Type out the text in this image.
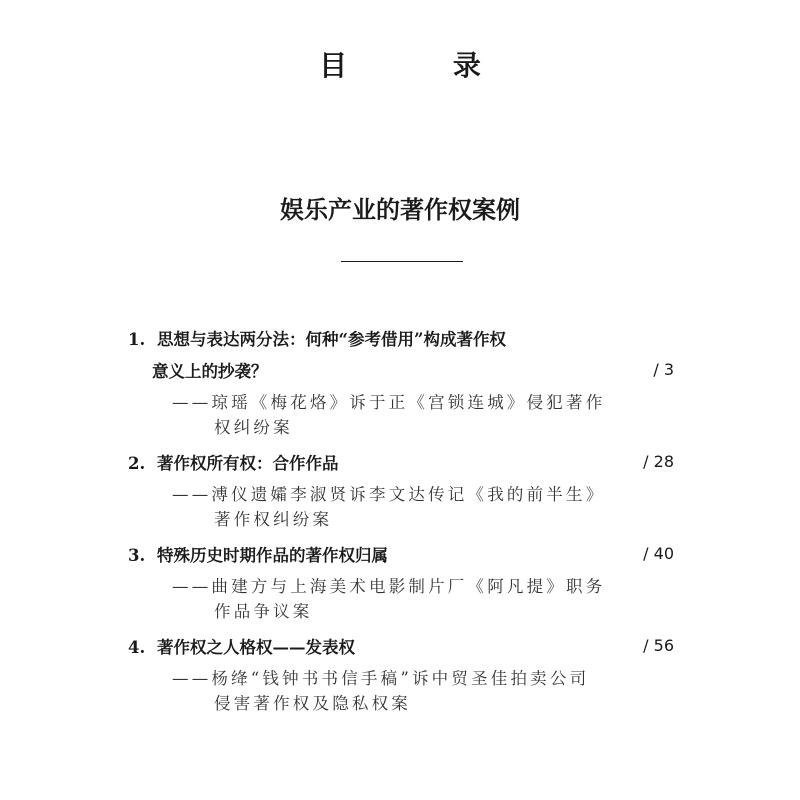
目 录
娱乐产业的著作权案例
1. 思想与表达两分法：何种“参考借用”构成著作权
意义上的抄袭？	/ 3
——琼瑶《梅花烙》诉于正《宫锁连城》侵犯著作
权纠纷案
2. 著作权所有权：合作作品	/ 28
——溥仪遗孀李淑贤诉李文达传记《我的前半生》
著作权纠纷案
3. 特殊历史时期作品的著作权归属	/ 40
——曲建方与上海美术电影制片厂《阿凡提》职务
作品争议案
4. 著作权之人格权——发表权	/ 56
——杨绛“钱钟书书信手稿”诉中贸圣佳拍卖公司
侵害著作权及隐私权案
